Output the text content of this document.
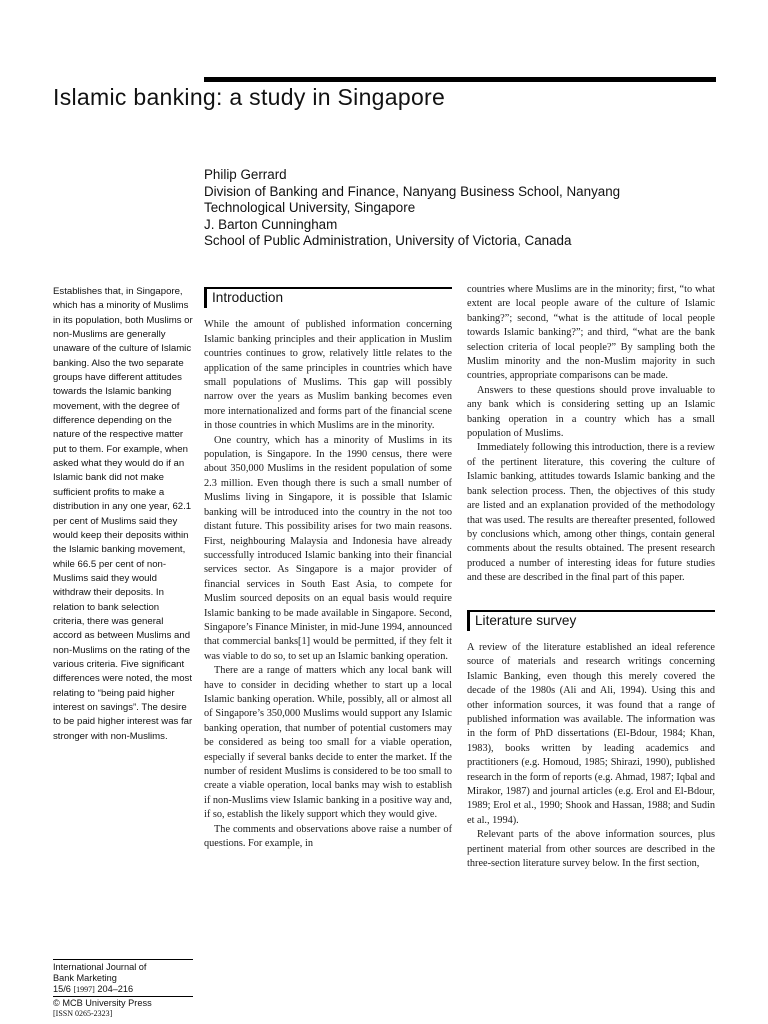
Islamic banking: a study in Singapore
Philip Gerrard
Division of Banking and Finance, Nanyang Business School, Nanyang
Technological University, Singapore
J. Barton Cunningham
School of Public Administration, University of Victoria, Canada
Establishes that, in Singapore, which has a minority of Muslims in its population, both Muslims or non-Muslims are generally unaware of the culture of Islamic banking. Also the two separate groups have different attitudes towards the Islamic banking movement, with the degree of difference depending on the nature of the respective matter put to them. For example, when asked what they would do if an Islamic bank did not make sufficient profits to make a distribution in any one year, 62.1 per cent of Muslims said they would keep their deposits within the Islamic banking movement, while 66.5 per cent of non-Muslims said they would withdraw their deposits. In relation to bank selection criteria, there was general accord as between Muslims and non-Muslims on the rating of the various criteria. Five significant differences were noted, the most relating to “being paid higher interest on savings”. The desire to be paid higher interest was far stronger with non-Muslims.
International Journal of
Bank Marketing
15/6 [1997] 204–216
© MCB University Press
[ISSN 0265-2323]
Introduction

While the amount of published information concerning Islamic banking principles and their application in Muslim countries continues to grow, relatively little relates to the application of the same principles in countries which have small populations of Muslims. This gap will possibly narrow over the years as Muslim banking becomes even more internationalized and forms part of the financial scene in those countries in which Muslims are in the minority.

One country, which has a minority of Muslims in its population, is Singapore. In the 1990 census, there were about 350,000 Muslims in the resident population of some 2.3 million. Even though there is such a small number of Muslims living in Singapore, it is possible that Islamic banking will be introduced into the country in the not too distant future. This possibility arises for two main reasons. First, neighbouring Malaysia and Indonesia have already successfully introduced Islamic banking into their financial services sector. As Singapore is a major provider of financial services in South East Asia, to compete for Muslim sourced deposits on an equal basis would require Islamic banking to be made available in Singapore. Second, Singapore’s Finance Minister, in mid-June 1994, announced that commercial banks[1] would be permitted, if they felt it was viable to do so, to set up an Islamic banking operation.

There are a range of matters which any local bank will have to consider in deciding whether to start up a local Islamic banking operation. While, possibly, all or almost all of Singapore’s 350,000 Muslims would support any Islamic banking operation, that number of potential customers may be considered as being too small for a viable operation, especially if several banks decide to enter the market. If the number of resident Muslims is considered to be too small to create a viable operation, local banks may wish to establish if non-Muslims view Islamic banking in a positive way and, if so, establish the likely support which they would give.

The comments and observations above raise a number of questions. For example, in

countries where Muslims are in the minority; first, “to what extent are local people aware of the culture of Islamic banking?”; second, “what is the attitude of local people towards Islamic banking?”; and third, “what are the bank selection criteria of local people?” By sampling both the Muslim minority and the non-Muslim majority in such countries, appropriate comparisons can be made.

Answers to these questions should prove invaluable to any bank which is considering setting up an Islamic banking operation in a country which has a small population of Muslims.

Immediately following this introduction, there is a review of the pertinent literature, this covering the culture of Islamic banking, attitudes towards Islamic banking and the bank selection process. Then, the objectives of this study are listed and an explanation provided of the methodology that was used. The results are thereafter presented, followed by conclusions which, among other things, contain general comments about the results obtained. The present research produced a number of interesting ideas for future studies and these are described in the final part of this paper.

Literature survey

A review of the literature established an ideal reference source of materials and research writings concerning Islamic Banking, even though this merely covered the decade of the 1980s (Ali and Ali, 1994). Using this and other information sources, it was found that a range of published information was available. The information was in the form of PhD dissertations (El-Bdour, 1984; Khan, 1983), books written by leading academics and practitioners (e.g. Homoud, 1985; Shirazi, 1990), published research in the form of reports (e.g. Ahmad, 1987; Iqbal and Mirakor, 1987) and journal articles (e.g. Erol and El-Bdour, 1989; Erol et al., 1990; Shook and Hassan, 1988; and Sudin et al., 1994).

Relevant parts of the above information sources, plus pertinent material from other sources are described in the three-section literature survey below. In the first section,
